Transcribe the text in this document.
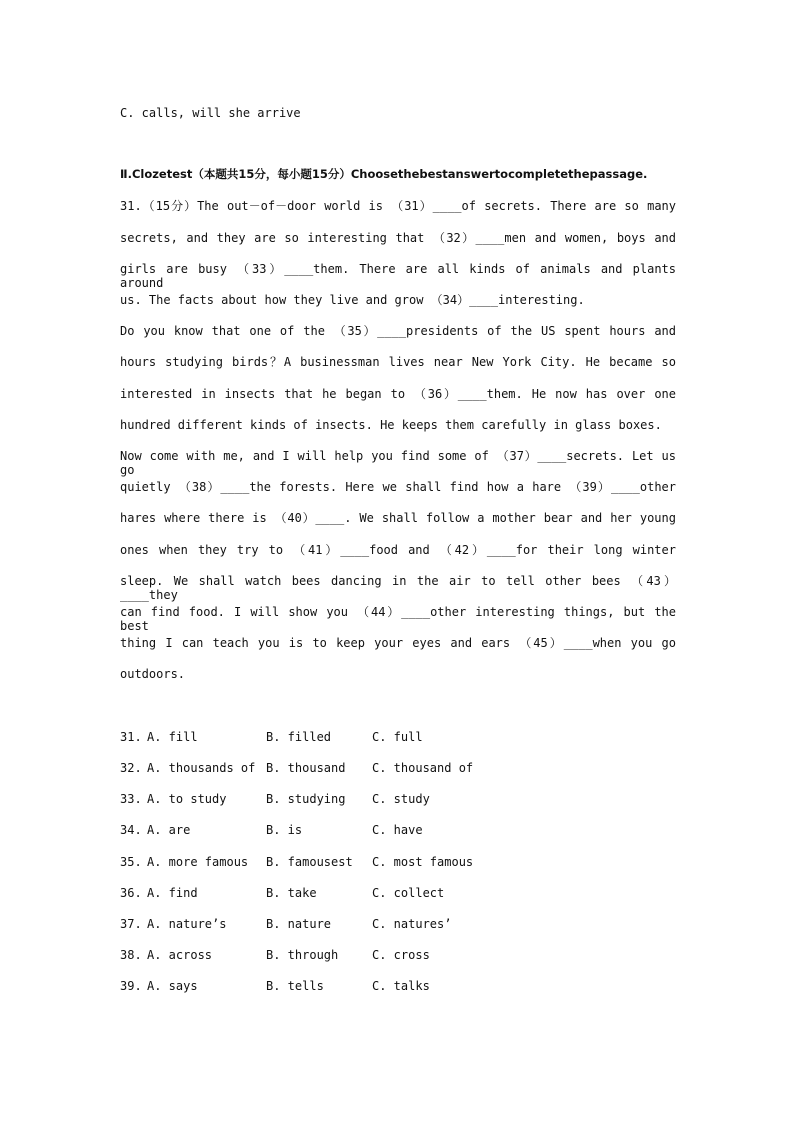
C. calls, will she arrive
Ⅱ.Clozetest（本题共15分，每小题15分）Choosethebestanswertocompletethepassage.
31.（15分）The out－of－door world is （31）____of secrets. There are so many
secrets, and they are so interesting that （32）____men and women, boys and
girls are busy （33）____them. There are all kinds of animals and plants around
us. The facts about how they live and grow （34）____interesting.
Do you know that one of the （35）____presidents of the US spent hours and
hours studying birds？A businessman lives near New York City. He became so
interested in insects that he began to （36）____them. He now has over one
hundred different kinds of insects. He keeps them carefully in glass boxes.
Now come with me, and I will help you find some of （37）____secrets. Let us go
quietly （38）____the forests. Here we shall find how a hare （39）____other
hares where there is （40）____. We shall follow a mother bear and her young
ones when they try to （41）____food and （42）____for their long winter
sleep. We shall watch bees dancing in the air to tell other bees （43）____they
can find food. I will show you （44）____other interesting things, but the best
thing I can teach you is to keep your eyes and ears （45）____when you go
outdoors.
31. A. fill	B. filled	C. full
32. A. thousands of B. thousand C. thousand of
33. A. to study	B. studying C. study
34. A. are	B. is	C. have
35. A. more famous B. famousest C. most famous
36. A. find	B. take	C. collect
37. A. nature’s	B. nature	C. natures’
38. A. across	B. through	C. cross
39. A. says	B. tells	C. talks
